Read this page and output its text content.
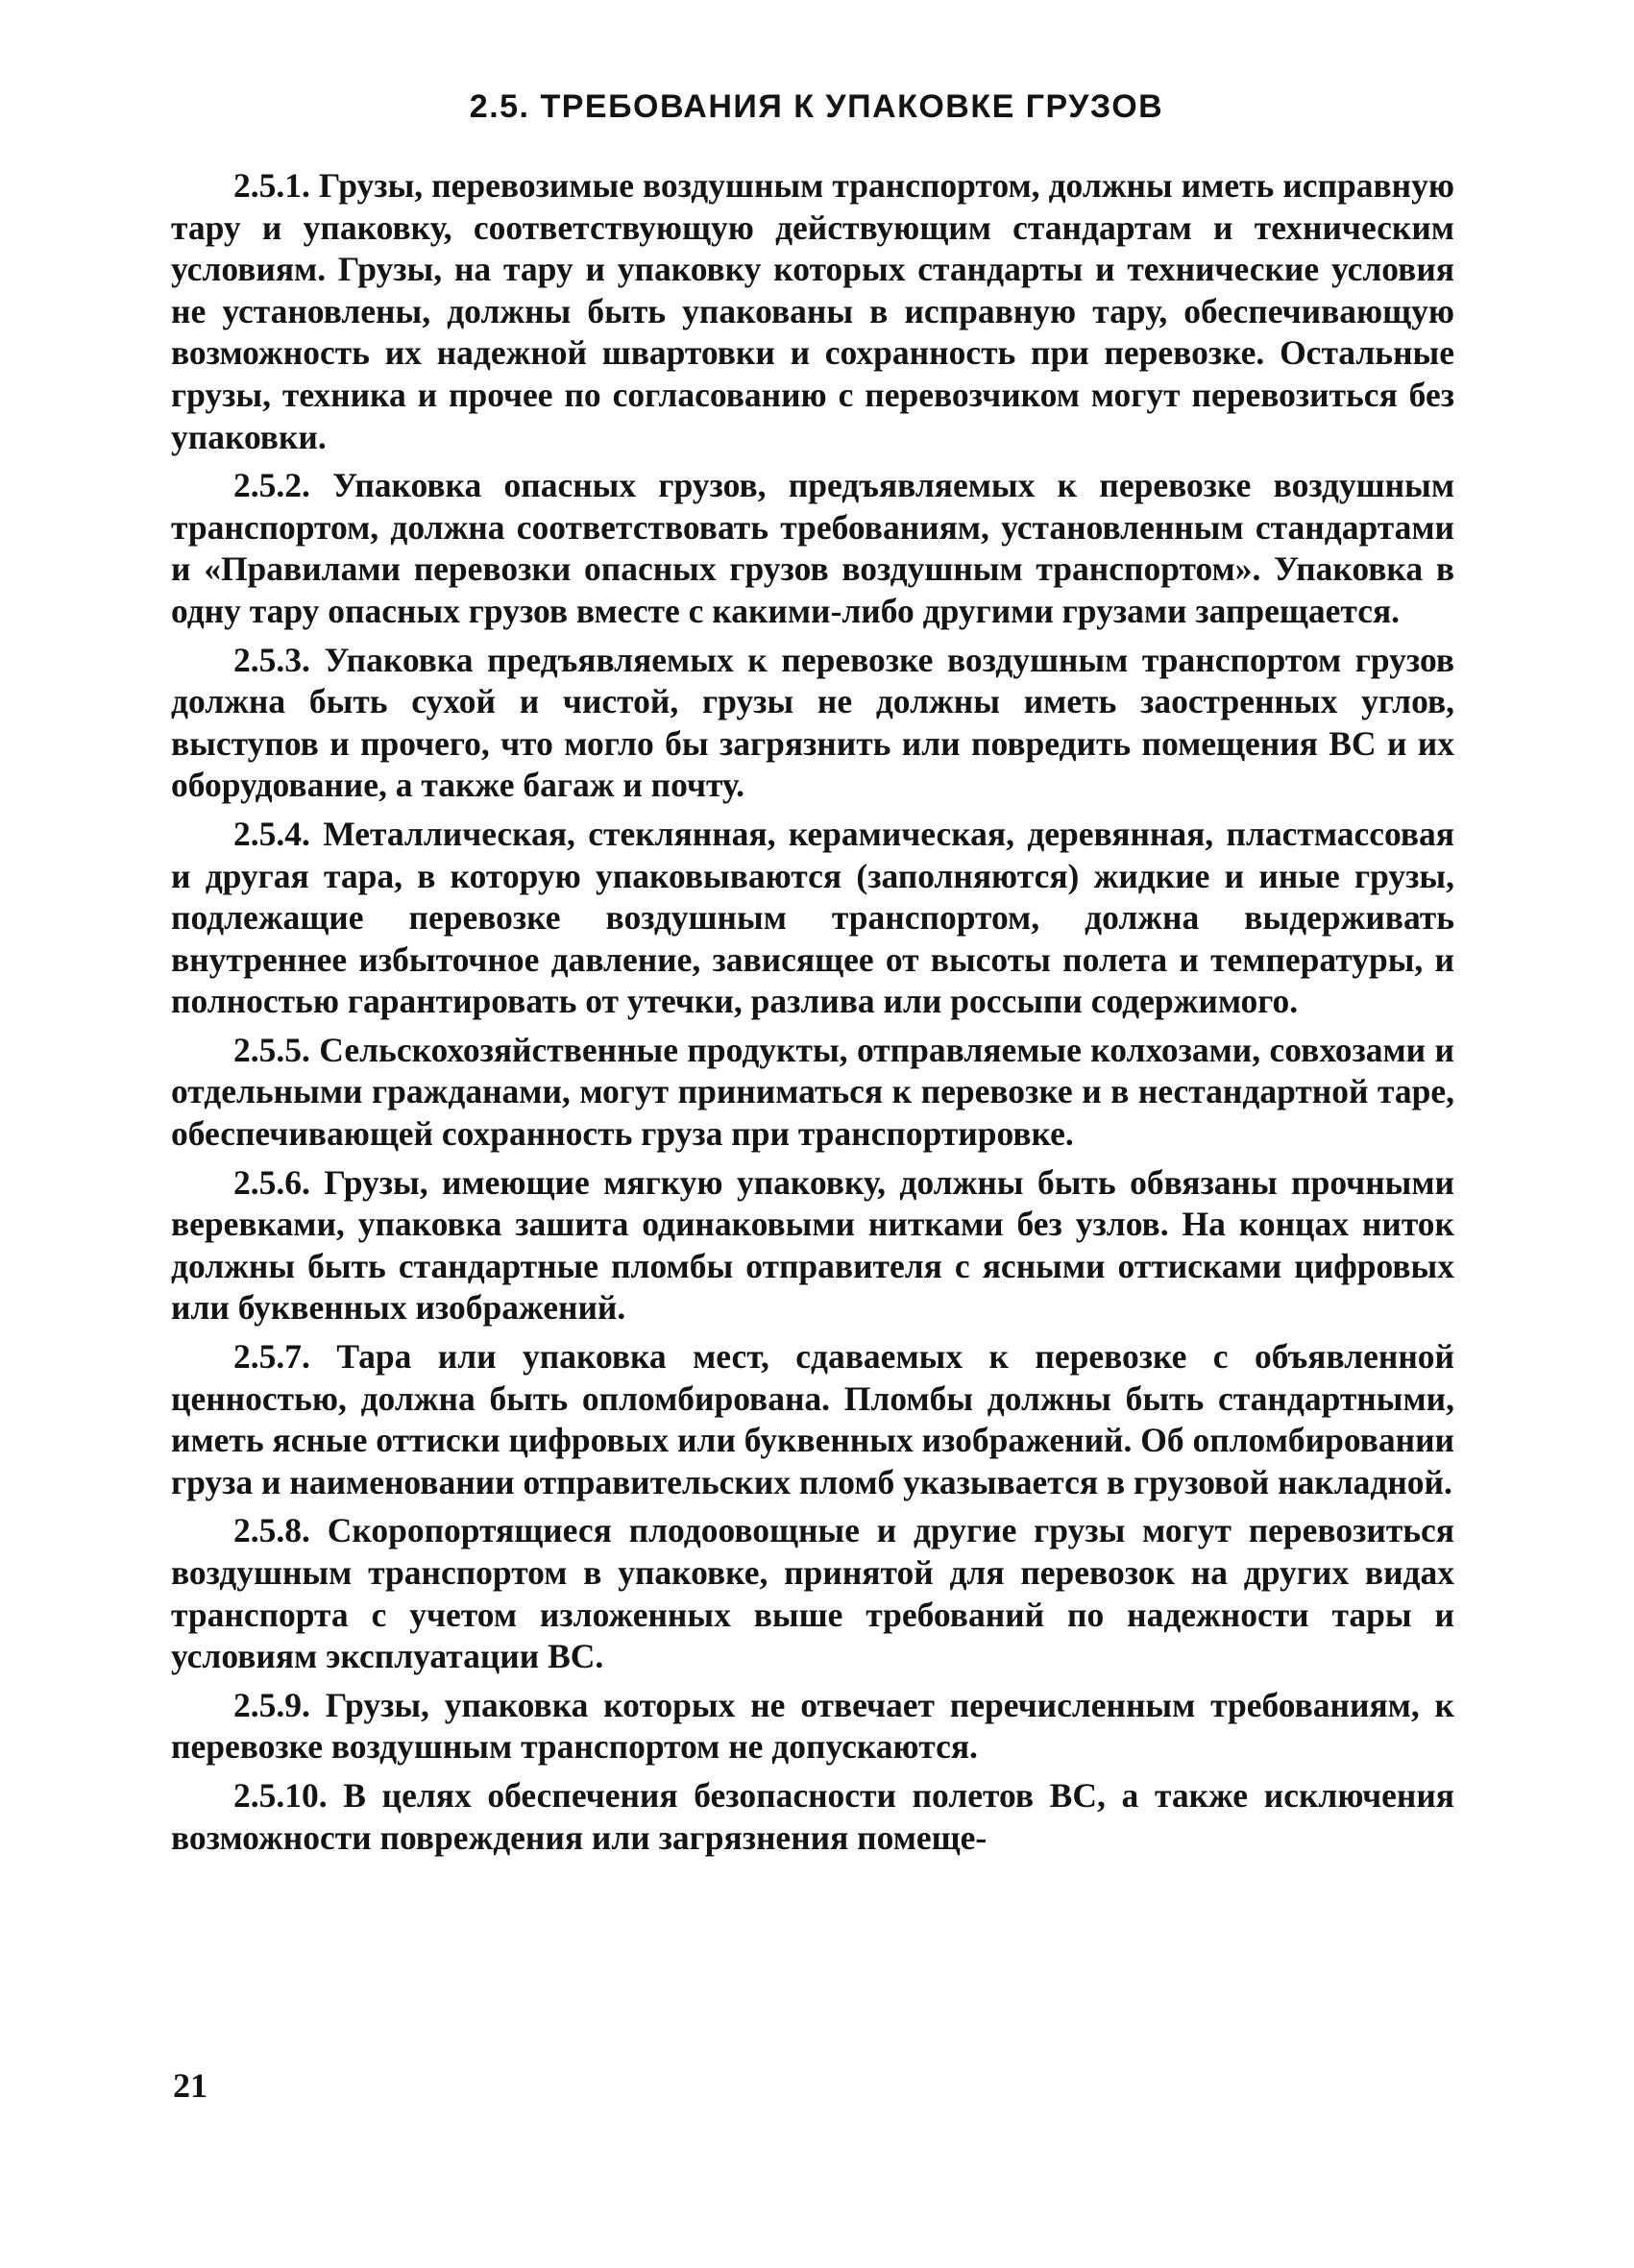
2.5. ТРЕБОВАНИЯ К УПАКОВКЕ ГРУЗОВ

2.5.1. Грузы, перевозимые воздушным транспортом, должны иметь исправную тару и упаковку, соответствующую действующим стандартам и техническим условиям. Грузы, на тару и упаковку которых стандарты и технические условия не установлены, должны быть упакованы в исправную тару, обеспечивающую возможность их надежной швартовки и сохранность при перевозке. Остальные грузы, техника и прочее по согласованию с перевозчиком могут перевозиться без упаковки.

2.5.2. Упаковка опасных грузов, предъявляемых к перевозке воздушным транспортом, должна соответствовать требованиям, установленным стандартами и «Правилами перевозки опасных грузов воздушным транспортом». Упаковка в одну тару опасных грузов вместе с какими-либо другими грузами запрещается.

2.5.3. Упаковка предъявляемых к перевозке воздушным транспортом грузов должна быть сухой и чистой, грузы не должны иметь заостренных углов, выступов и прочего, что могло бы загрязнить или повредить помещения ВС и их оборудование, а также багаж и почту.

2.5.4. Металлическая, стеклянная, керамическая, деревянная, пластмассовая и другая тара, в которую упаковываются (заполняются) жидкие и иные грузы, подлежащие перевозке воздушным транспортом, должна выдерживать внутреннее избыточное давление, зависящее от высоты полета и температуры, и полностью гарантировать от утечки, разлива или россыпи содержимого.

2.5.5. Сельскохозяйственные продукты, отправляемые колхозами, совхозами и отдельными гражданами, могут приниматься к перевозке и в нестандартной таре, обеспечивающей сохранность груза при транспортировке.

2.5.6. Грузы, имеющие мягкую упаковку, должны быть обвязаны прочными веревками, упаковка зашита одинаковыми нитками без узлов. На концах ниток должны быть стандартные пломбы отправителя с ясными оттисками цифровых или буквенных изображений.

2.5.7. Тара или упаковка мест, сдаваемых к перевозке с объявленной ценностью, должна быть опломбирована. Пломбы должны быть стандартными, иметь ясные оттиски цифровых или буквенных изображений. Об опломбировании груза и наименовании отправительских пломб указывается в грузовой накладной.

2.5.8. Скоропортящиеся плодоовощные и другие грузы могут перевозиться воздушным транспортом в упаковке, принятой для перевозок на других видах транспорта с учетом изложенных выше требований по надежности тары и условиям эксплуатации ВС.

2.5.9. Грузы, упаковка которых не отвечает перечисленным требованиям, к перевозке воздушным транспортом не допускаются.

2.5.10. В целях обеспечения безопасности полетов ВС, а также исключения возможности повреждения или загрязнения помеще-

21
